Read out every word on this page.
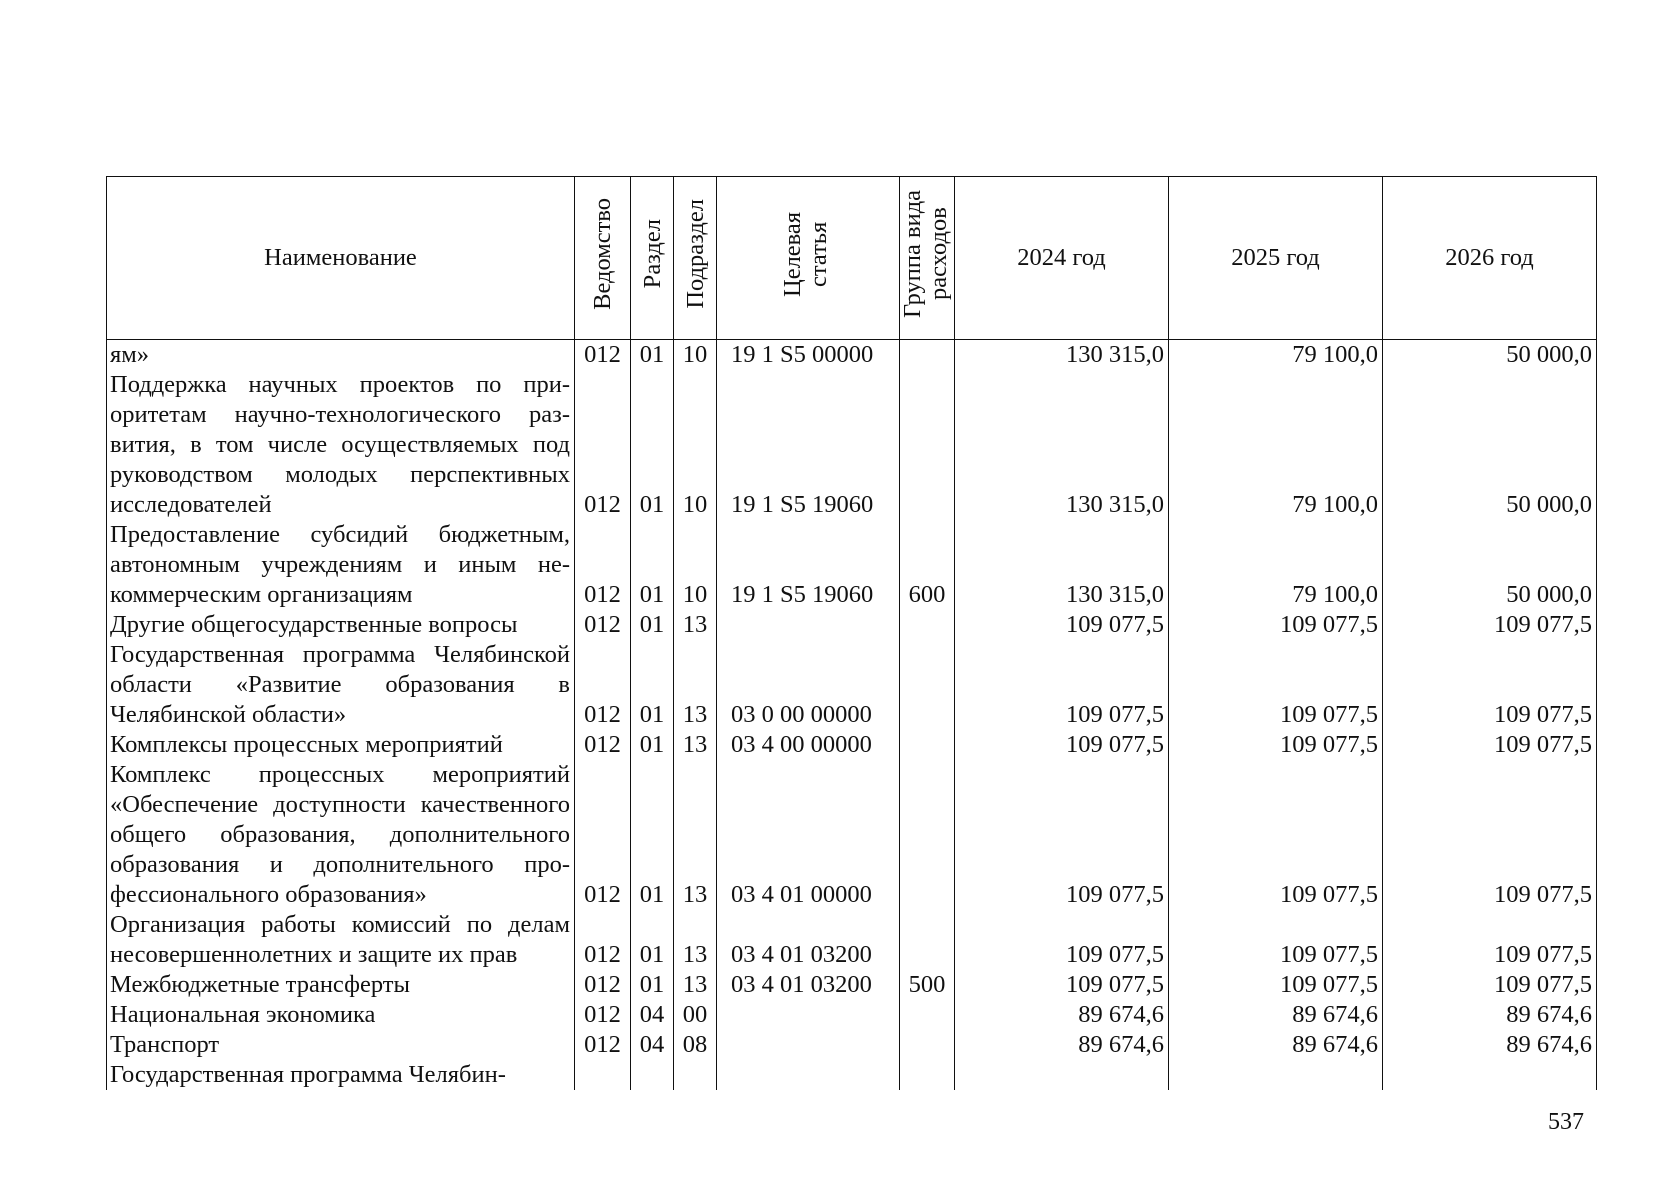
Наименование	Ведомство	Раздел	Подраздел	Целевая статья	Группа вида расходов	2024 год	2025 год	2026 год
ям»	012	01	10	19 1 S5 00000		130 315,0	79 100,0	50 000,0
Поддержка научных проектов по приоритетам научно-технологического развития, в том числе осуществляемых под руководством молодых перспективных исследователей	012	01	10	19 1 S5 19060		130 315,0	79 100,0	50 000,0
Предоставление субсидий бюджетным, автономным учреждениям и иным некоммерческим организациям	012	01	10	19 1 S5 19060	600	130 315,0	79 100,0	50 000,0
Другие общегосударственные вопросы	012	01	13			109 077,5	109 077,5	109 077,5
Государственная программа Челябинской области «Развитие образования в Челябинской области»	012	01	13	03 0 00 00000		109 077,5	109 077,5	109 077,5
Комплексы процессных мероприятий	012	01	13	03 4 00 00000		109 077,5	109 077,5	109 077,5
Комплекс процессных мероприятий «Обеспечение доступности качественного общего образования, дополнительного образования и дополнительного профессионального образования»	012	01	13	03 4 01 00000		109 077,5	109 077,5	109 077,5
Организация работы комиссий по делам несовершеннолетних и защите их прав	012	01	13	03 4 01 03200		109 077,5	109 077,5	109 077,5
Межбюджетные трансферты	012	01	13	03 4 01 03200	500	109 077,5	109 077,5	109 077,5
Национальная экономика	012	04	00			89 674,6	89 674,6	89 674,6
Транспорт	012	04	08			89 674,6	89 674,6	89 674,6
Государственная программа Челябин-								
537
